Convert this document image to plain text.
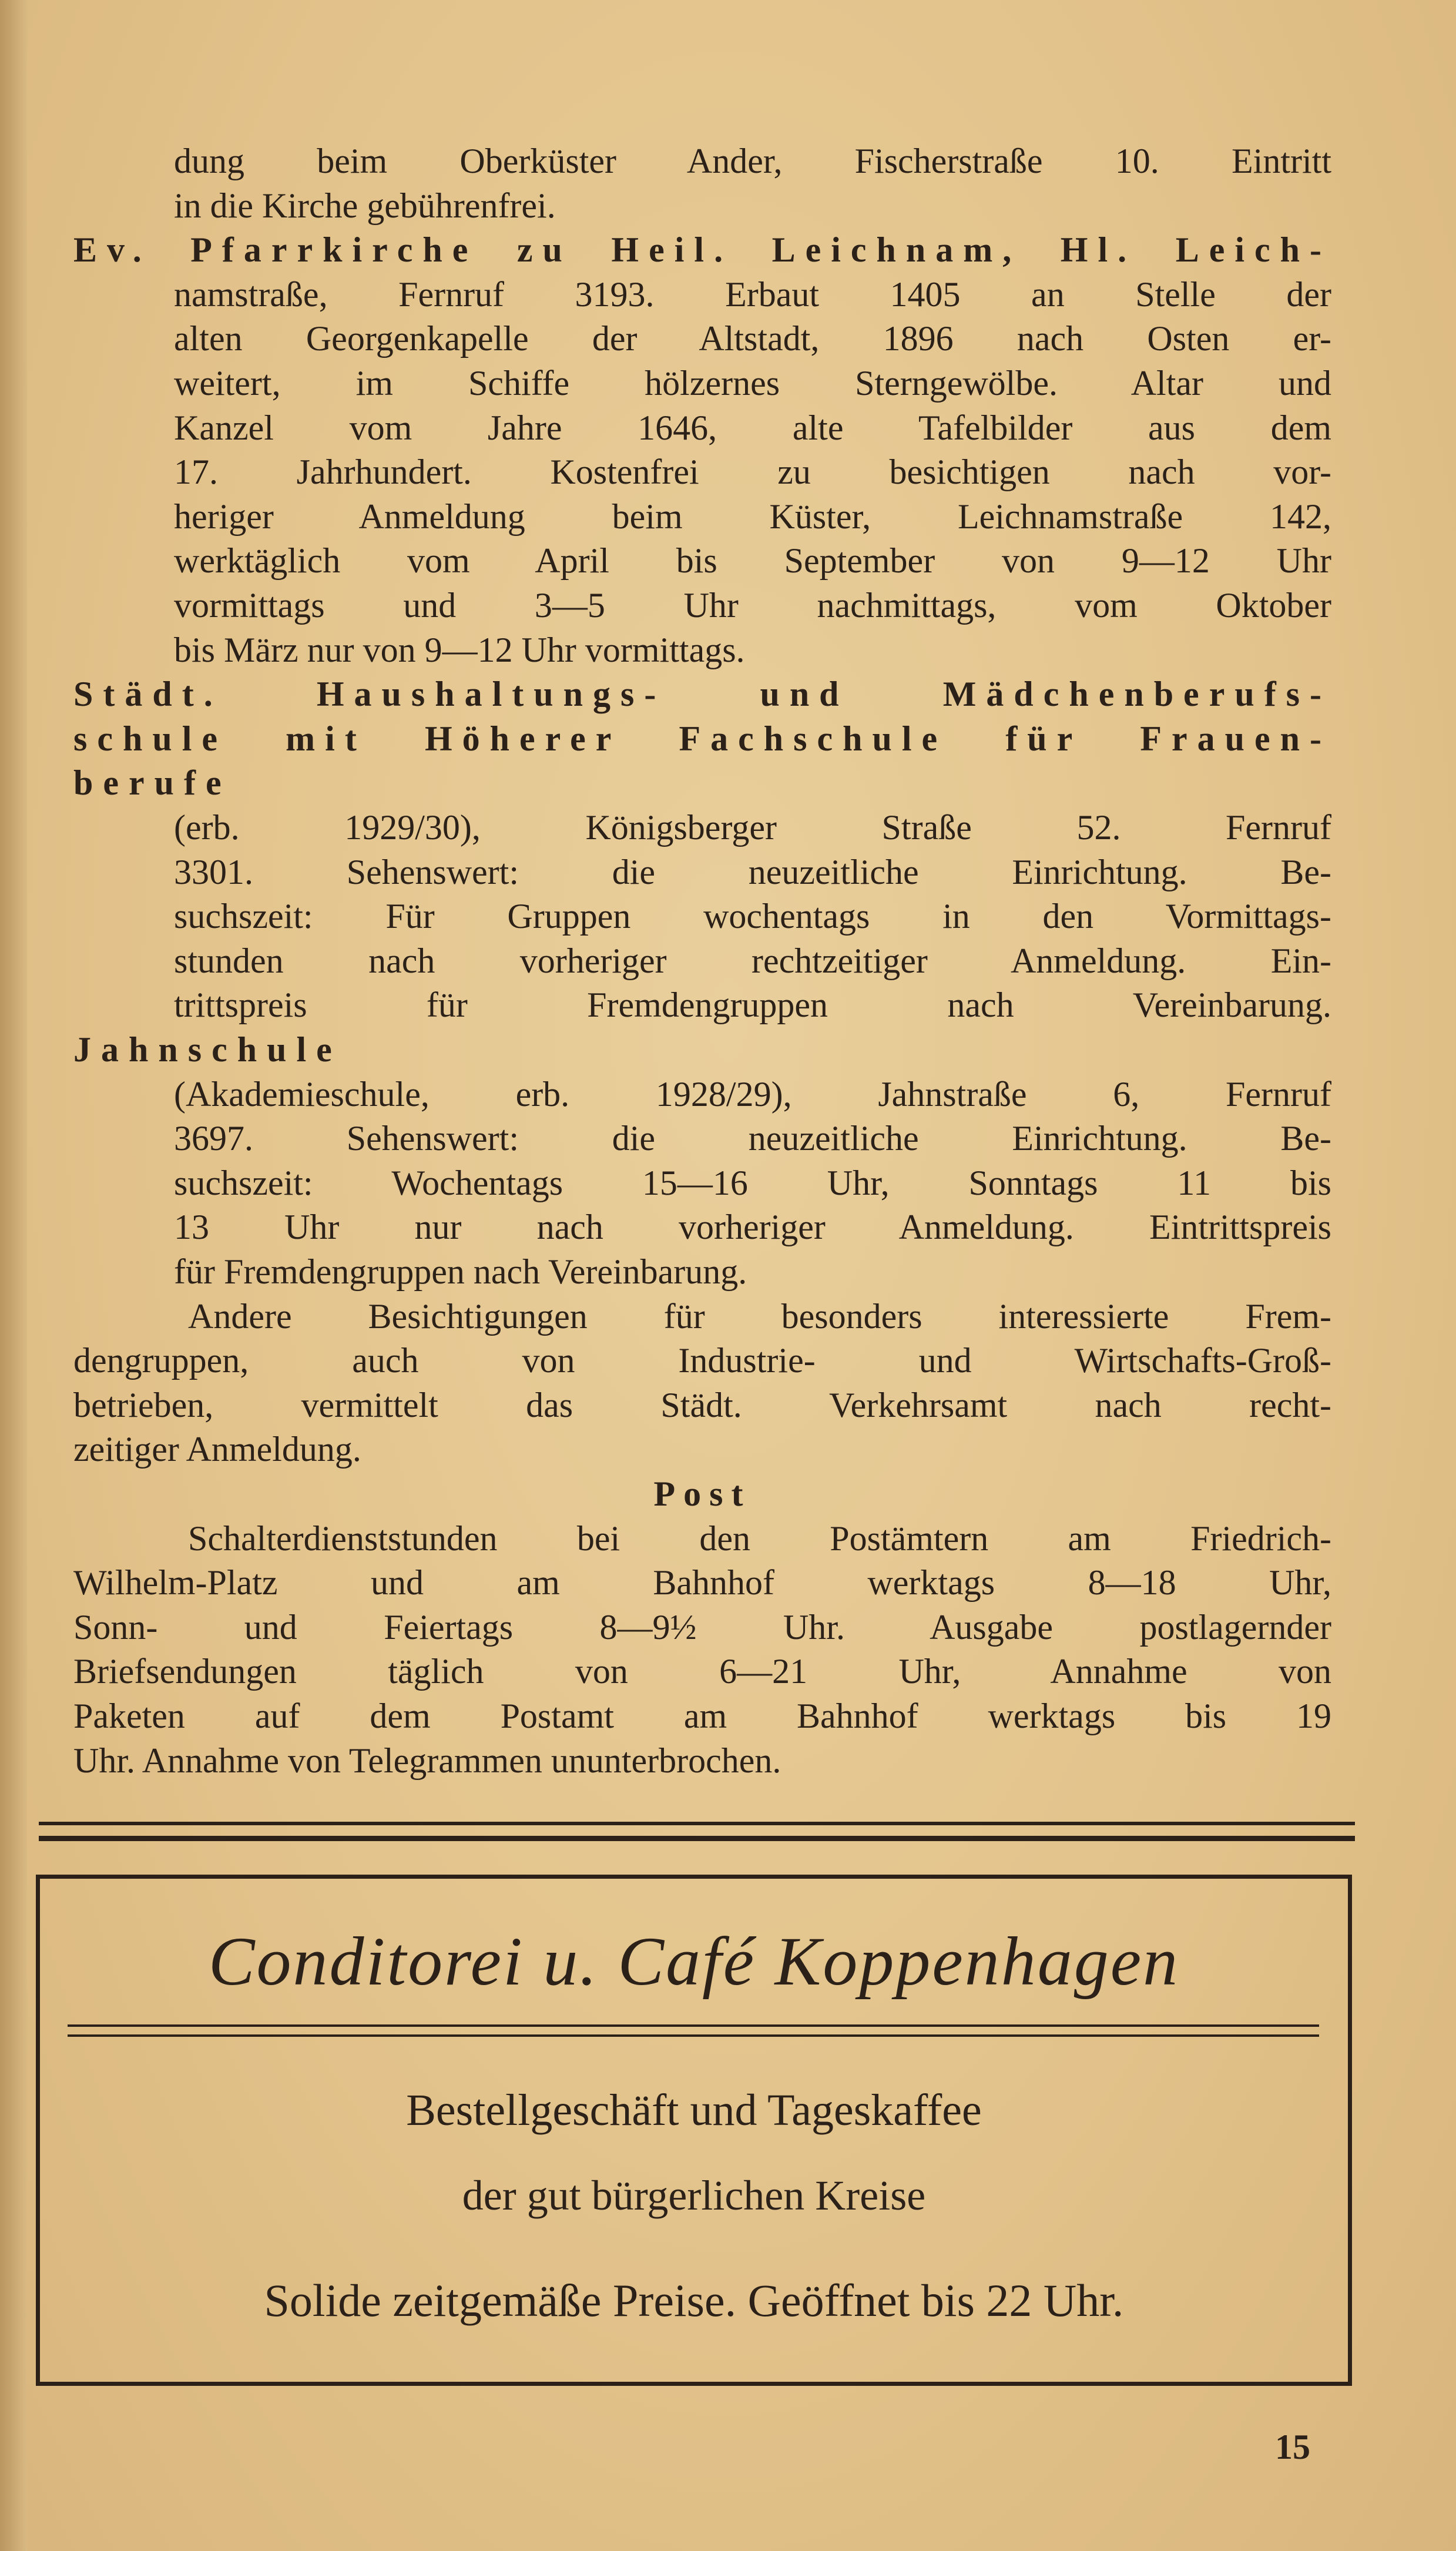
dung beim Oberküster Ander, Fischerstraße 10. Eintritt
in die Kirche gebührenfrei.
Ev. Pfarrkirche zu Heil. Leichnam, Hl. Leich-
namstraße, Fernruf 3193. Erbaut 1405 an Stelle der
alten Georgenkapelle der Altstadt, 1896 nach Osten er-
weitert, im Schiffe hölzernes Sterngewölbe. Altar und
Kanzel vom Jahre 1646, alte Tafelbilder aus dem
17. Jahrhundert. Kostenfrei zu besichtigen nach vor-
heriger Anmeldung beim Küster, Leichnamstraße 142,
werktäglich vom April bis September von 9—12 Uhr
vormittags und 3—5 Uhr nachmittags, vom Oktober
bis März nur von 9—12 Uhr vormittags.
Städt. Haushaltungs- und Mädchenberufs-
schule mit Höherer Fachschule für Frauen-
berufe
(erb. 1929/30), Königsberger Straße 52. Fernruf
3301. Sehenswert: die neuzeitliche Einrichtung. Be-
suchszeit: Für Gruppen wochentags in den Vormittags-
stunden nach vorheriger rechtzeitiger Anmeldung. Ein-
trittspreis für Fremdengruppen nach Vereinbarung.
Jahnschule
(Akademieschule, erb. 1928/29), Jahnstraße 6, Fernruf
3697. Sehenswert: die neuzeitliche Einrichtung. Be-
suchszeit: Wochentags 15—16 Uhr, Sonntags 11 bis
13 Uhr nur nach vorheriger Anmeldung. Eintrittspreis
für Fremdengruppen nach Vereinbarung.
Andere Besichtigungen für besonders interessierte Frem-
dengruppen, auch von Industrie- und Wirtschafts-Groß-
betrieben, vermittelt das Städt. Verkehrsamt nach recht-
zeitiger Anmeldung.
Post
Schalterdienststunden bei den Postämtern am Friedrich-
Wilhelm-Platz und am Bahnhof werktags 8—18 Uhr,
Sonn- und Feiertags 8—9½ Uhr. Ausgabe postlagernder
Briefsendungen täglich von 6—21 Uhr, Annahme von
Paketen auf dem Postamt am Bahnhof werktags bis 19
Uhr. Annahme von Telegrammen ununterbrochen.
Conditorei u. Café Koppenhagen
Bestellgeschäft und Tageskaffee
der gut bürgerlichen Kreise
Solide zeitgemäße Preise. Geöffnet bis 22 Uhr.
15
